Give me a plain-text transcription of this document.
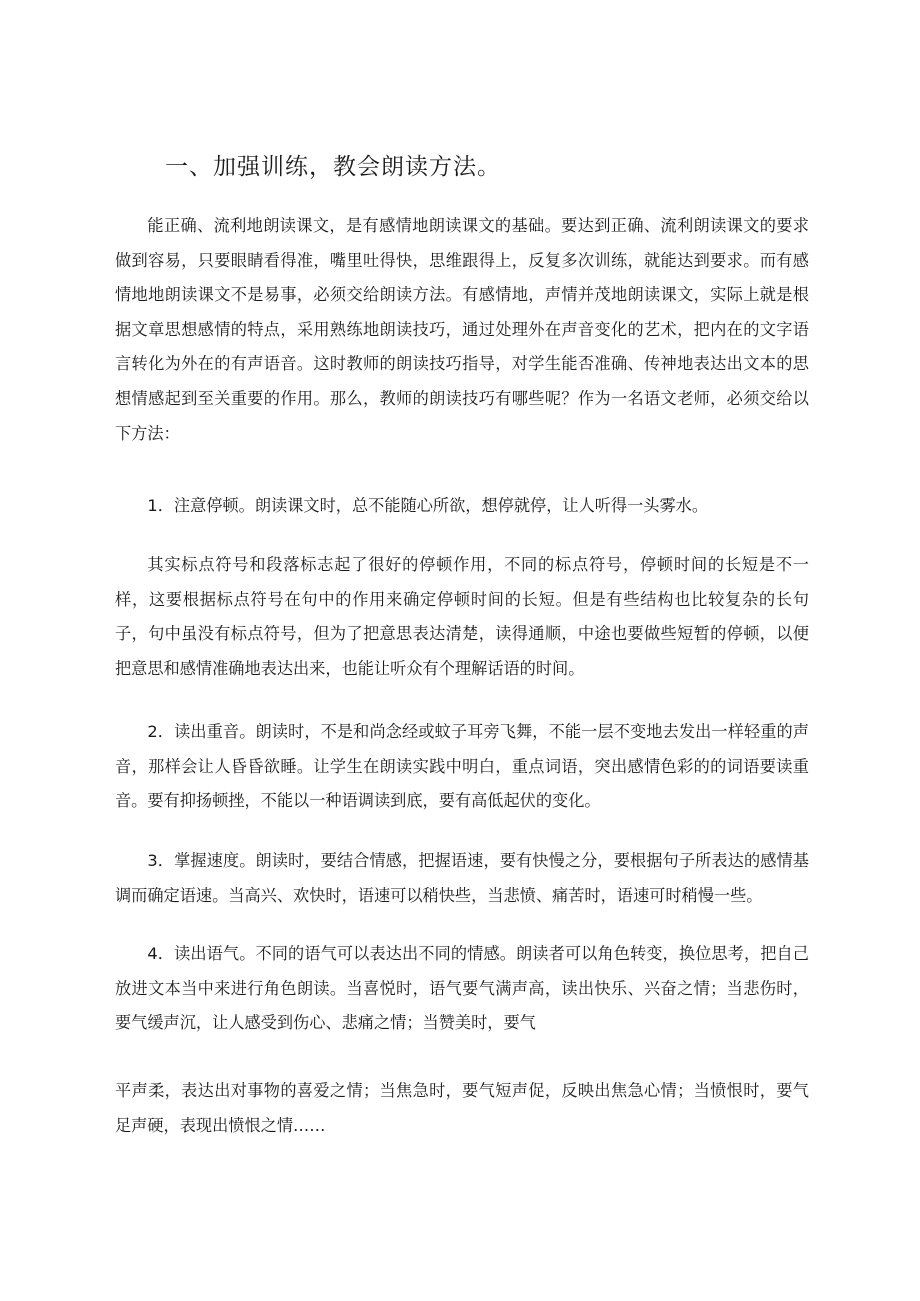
一、加强训练，教会朗读方法。

能正确、流利地朗读课文，是有感情地朗读课文的基础。要达到正确、流利朗读课文的要求做到容易，只要眼睛看得准，嘴里吐得快，思维跟得上，反复多次训练，就能达到要求。而有感情地地朗读课文不是易事，必须交给朗读方法。有感情地，声情并茂地朗读课文，实际上就是根据文章思想感情的特点，采用熟练地朗读技巧，通过处理外在声音变化的艺术，把内在的文字语言转化为外在的有声语音。这时教师的朗读技巧指导，对学生能否准确、传神地表达出文本的思想情感起到至关重要的作用。那么，教师的朗读技巧有哪些呢？作为一名语文老师，必须交给以下方法：

1．注意停顿。朗读课文时，总不能随心所欲，想停就停，让人听得一头雾水。

其实标点符号和段落标志起了很好的停顿作用，不同的标点符号，停顿时间的长短是不一样，这要根据标点符号在句中的作用来确定停顿时间的长短。但是有些结构也比较复杂的长句子，句中虽没有标点符号，但为了把意思表达清楚，读得通顺，中途也要做些短暂的停顿，以便把意思和感情准确地表达出来，也能让听众有个理解话语的时间。

2．读出重音。朗读时，不是和尚念经或蚊子耳旁飞舞，不能一层不变地去发出一样轻重的声音，那样会让人昏昏欲睡。让学生在朗读实践中明白，重点词语，突出感情色彩的的词语要读重音。要有抑扬顿挫，不能以一种语调读到底，要有高低起伏的变化。

3．掌握速度。朗读时，要结合情感，把握语速，要有快慢之分，要根据句子所表达的感情基调而确定语速。当高兴、欢快时，语速可以稍快些，当悲愤、痛苦时，语速可时稍慢一些。

4．读出语气。不同的语气可以表达出不同的情感。朗读者可以角色转变，换位思考，把自己放进文本当中来进行角色朗读。当喜悦时，语气要气满声高，读出快乐、兴奋之情；当悲伤时，要气缓声沉，让人感受到伤心、悲痛之情；当赞美时，要气

平声柔，表达出对事物的喜爱之情；当焦急时，要气短声促，反映出焦急心情；当愤恨时，要气足声硬，表现出愤恨之情……
